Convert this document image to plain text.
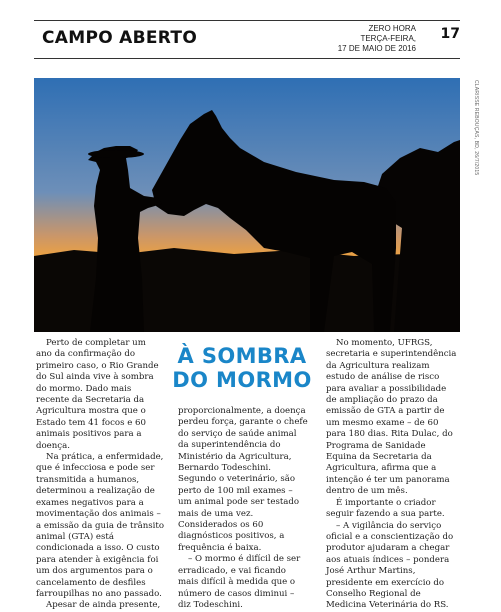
CAMPO ABERTO	ZERO HORA
TERÇA-FEIRA,
17 DE MAIO DE 2016
17
CLARISSE REBOUÇAS, BD, 26/7/2015

Perto de completar um ano da confirmação do primeiro caso, o Rio Grande do Sul ainda vive à sombra do mormo. Dado mais recente da Secretaria da Agricultura mostra que o Estado tem 41 focos e 60 animais positivos para a doença.

Na prática, a enfermidade, que é infecciosa e pode ser transmitida a humanos, determinou a realização de exames negativos para a movimentação dos animais – a emissão da guia de trânsito animal (GTA) está condicionada a isso. O custo para atender à exigência foi um dos argumentos para o cancelamento de desfiles farroupilhas no ano passado.

Apesar de ainda presente,

À SOMBRA
DO MORMO

proporcionalmente, a doença perdeu força, garante o chefe do serviço de saúde animal da superintendência do Ministério da Agricultura, Bernardo Todeschini. Segundo o veterinário, são perto de 100 mil exames – um animal pode ser testado mais de uma vez. Considerados os 60 diagnósticos positivos, a frequência é baixa.

– O mormo é difícil de ser erradicado, e vai ficando mais difícil à medida que o número de casos diminui – diz Todeschini.

No momento, UFRGS, secretaria e superintendência da Agricultura realizam estudo de análise de risco para avaliar a possibilidade de ampliação do prazo da emissão de GTA a partir de um mesmo exame – de 60 para 180 dias. Rita Dulac, do Programa de Sanidade Equina da Secretaria da Agricultura, afirma que a intenção é ter um panorama dentro de um mês.

É importante o criador seguir fazendo a sua parte.

– A vigilância do serviço oficial e a conscientização do produtor ajudaram a chegar aos atuais índices – pondera José Arthur Martins, presidente em exercício do Conselho Regional de Medicina Veterinária do RS.
